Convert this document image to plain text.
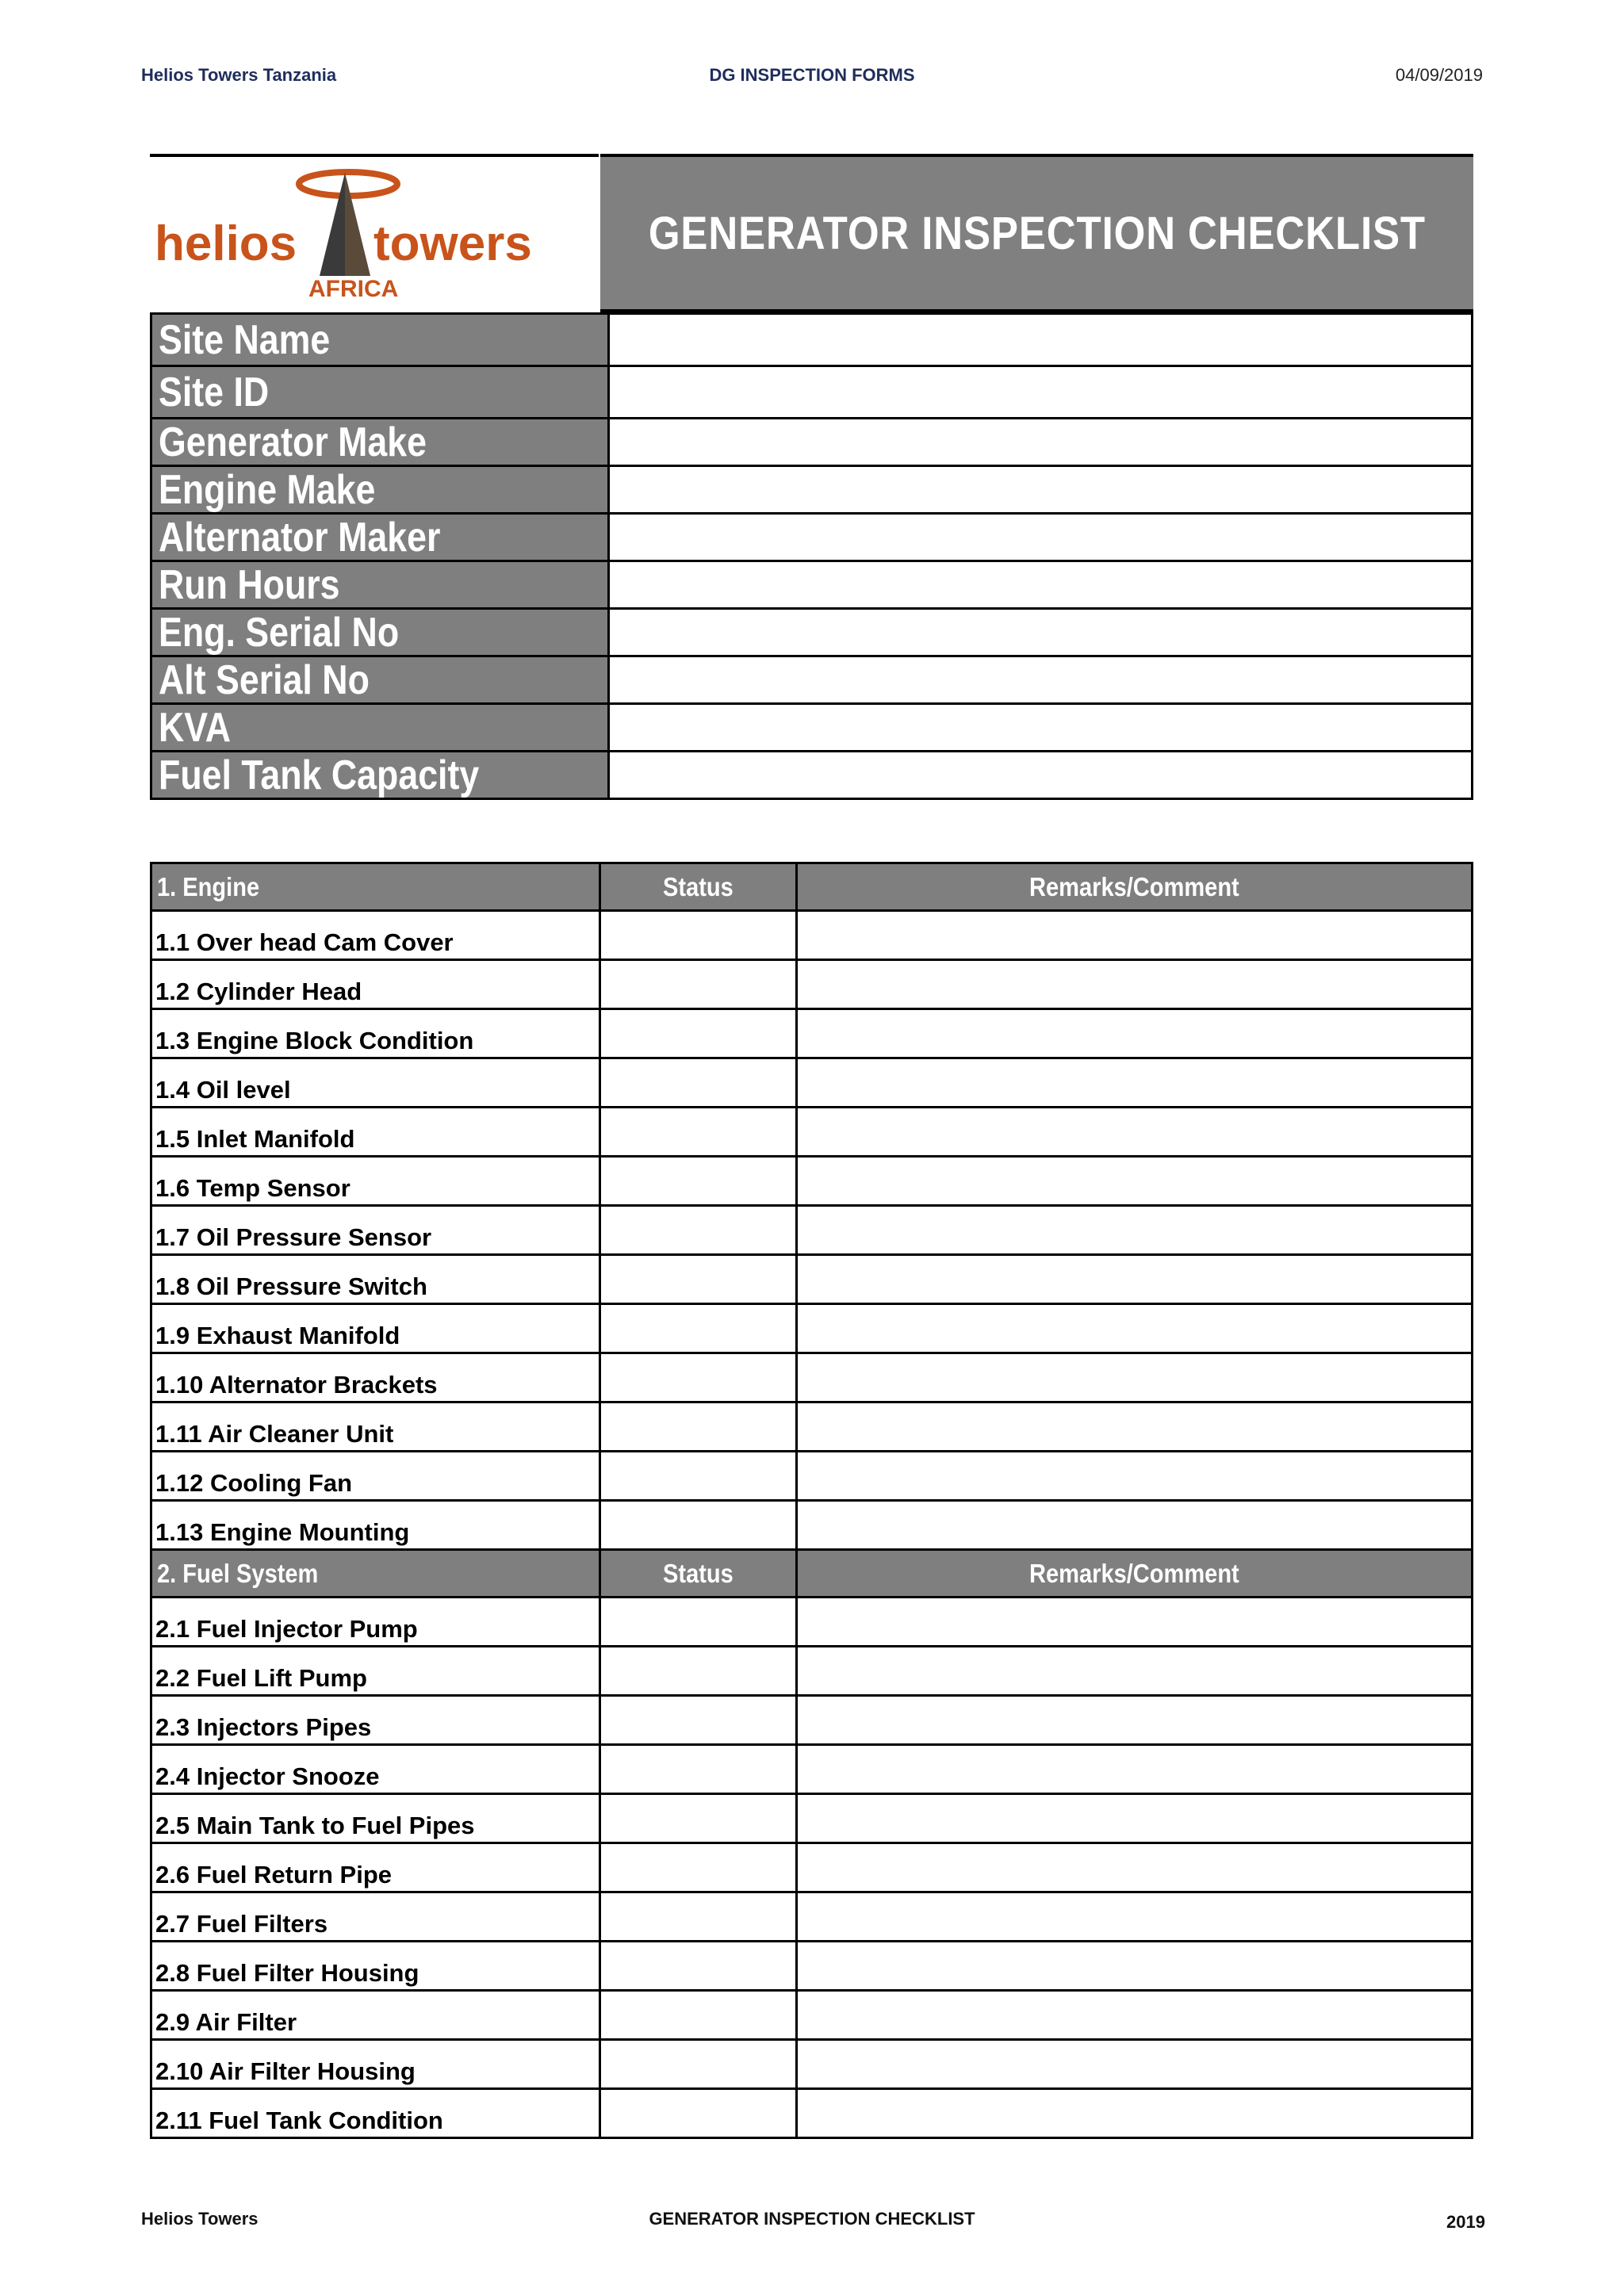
Helios Towers Tanzania	DG INSPECTION FORMS	04/09/2019
helios towers
AFRICA
GENERATOR INSPECTION CHECKLIST
Site Name	
Site ID	
Generator Make	
Engine Make	
Alternator Maker	
Run Hours	
Eng. Serial No	
Alt Serial No	
KVA	
Fuel Tank Capacity	
1. Engine	Status	Remarks/Comment
1.1 Over head Cam Cover		
1.2 Cylinder Head		
1.3 Engine Block Condition		
1.4 Oil level		
1.5 Inlet Manifold		
1.6 Temp Sensor		
1.7 Oil Pressure Sensor		
1.8 Oil Pressure Switch		
1.9 Exhaust Manifold		
1.10 Alternator Brackets		
1.11 Air Cleaner Unit		
1.12 Cooling Fan		
1.13 Engine Mounting		
2. Fuel System	Status	Remarks/Comment
2.1 Fuel Injector Pump		
2.2 Fuel Lift Pump		
2.3 Injectors Pipes		
2.4 Injector Snooze		
2.5 Main Tank to Fuel Pipes		
2.6 Fuel Return Pipe		
2.7 Fuel Filters		
2.8 Fuel Filter Housing		
2.9 Air Filter		
2.10 Air Filter Housing		
2.11 Fuel Tank Condition		
Helios Towers	GENERATOR INSPECTION CHECKLIST	2019
